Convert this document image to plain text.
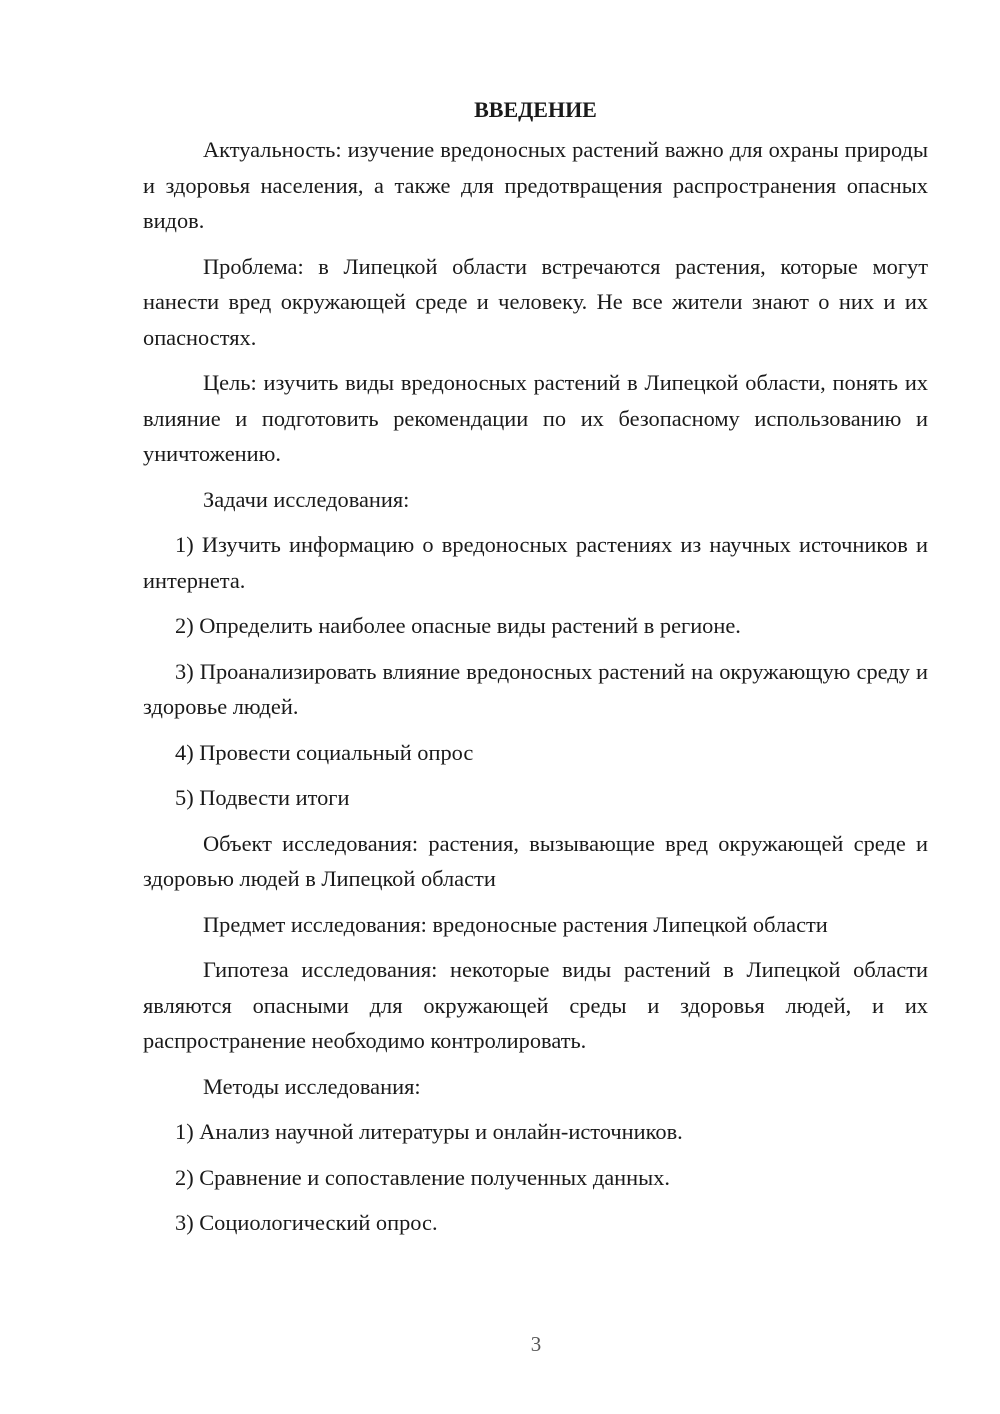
ВВЕДЕНИЕ

Актуальность: изучение вредоносных растений важно для охраны природы и здоровья населения, а также для предотвращения распространения опасных видов.

Проблема: в Липецкой области встречаются растения, которые могут нанести вред окружающей среде и человеку. Не все жители знают о них и их опасностях.

Цель: изучить виды вредоносных растений в Липецкой области, понять их влияние и подготовить рекомендации по их безопасному использованию и уничтожению.

Задачи исследования:

1) Изучить информацию о вредоносных растениях из научных источников и интернета.

2) Определить наиболее опасные виды растений в регионе.

3) Проанализировать влияние вредоносных растений на окружающую среду и здоровье людей.

4) Провести социальный опрос

5) Подвести итоги

Объект исследования: растения, вызывающие вред окружающей среде и здоровью людей в Липецкой области

Предмет исследования: вредоносные растения Липецкой области

Гипотеза исследования: некоторые виды растений в Липецкой области являются опасными для окружающей среды и здоровья людей, и их распространение необходимо контролировать.

Методы исследования:

1) Анализ научной литературы и онлайн-источников.

2) Сравнение и сопоставление полученных данных.

3) Социологический опрос.

3
